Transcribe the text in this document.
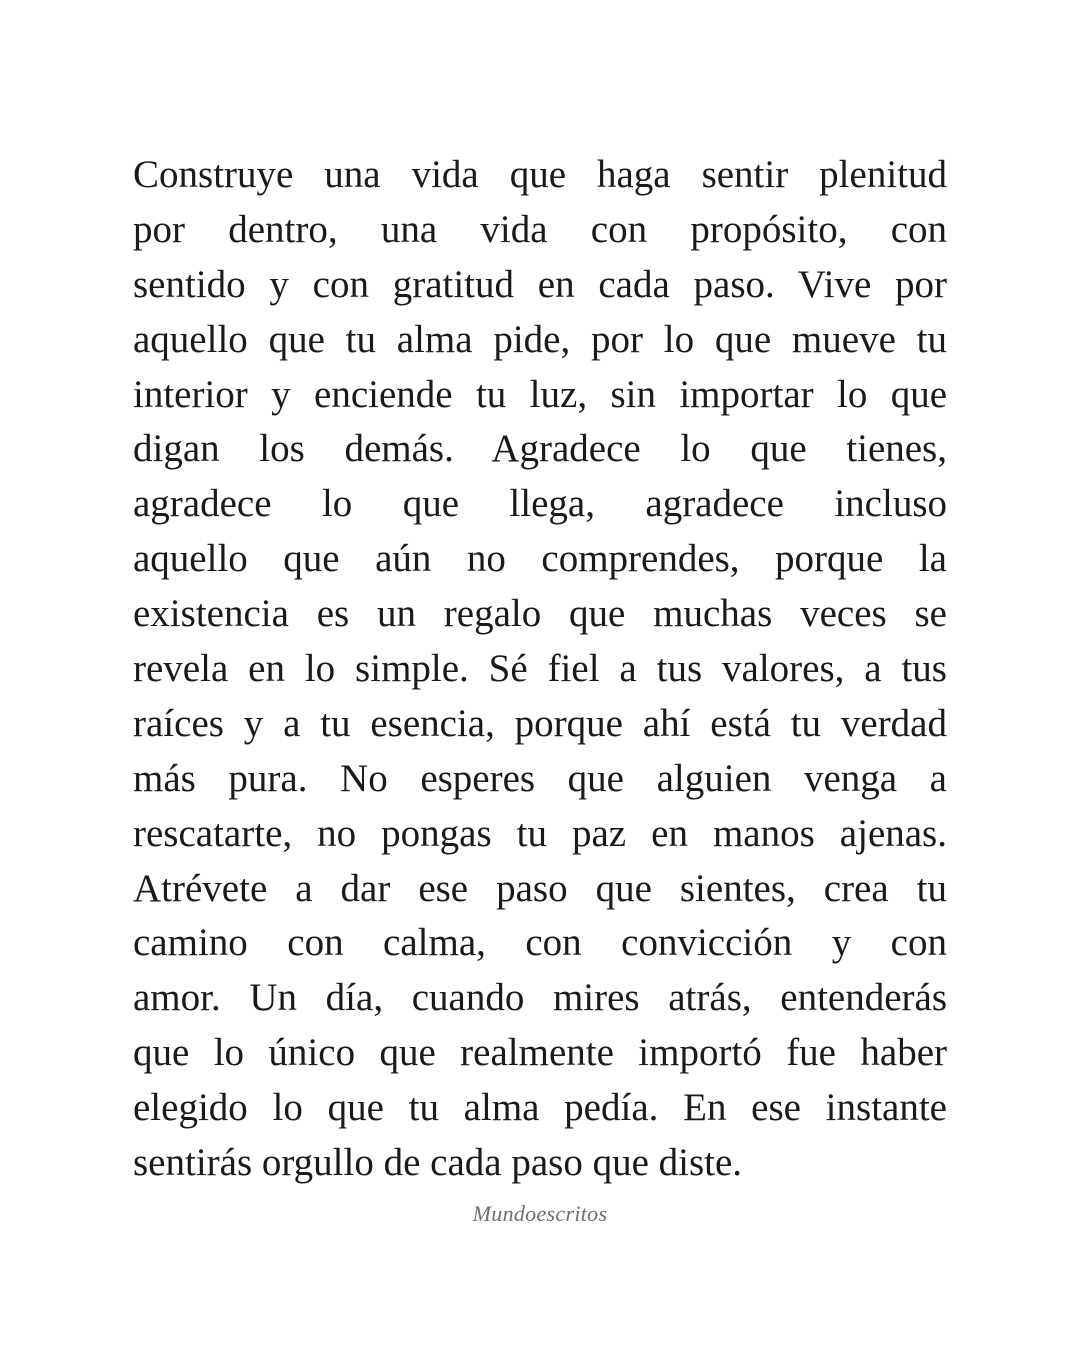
Construye una vida que haga sentir plenitud
por dentro, una vida con propósito, con
sentido y con gratitud en cada paso. Vive por
aquello que tu alma pide, por lo que mueve tu
interior y enciende tu luz, sin importar lo que
digan los demás. Agradece lo que tienes,
agradece lo que llega, agradece incluso
aquello que aún no comprendes, porque la
existencia es un regalo que muchas veces se
revela en lo simple. Sé fiel a tus valores, a tus
raíces y a tu esencia, porque ahí está tu verdad
más pura. No esperes que alguien venga a
rescatarte, no pongas tu paz en manos ajenas.
Atrévete a dar ese paso que sientes, crea tu
camino con calma, con convicción y con
amor. Un día, cuando mires atrás, entenderás
que lo único que realmente importó fue haber
elegido lo que tu alma pedía. En ese instante
sentirás orgullo de cada paso que diste.
Mundoescritos
